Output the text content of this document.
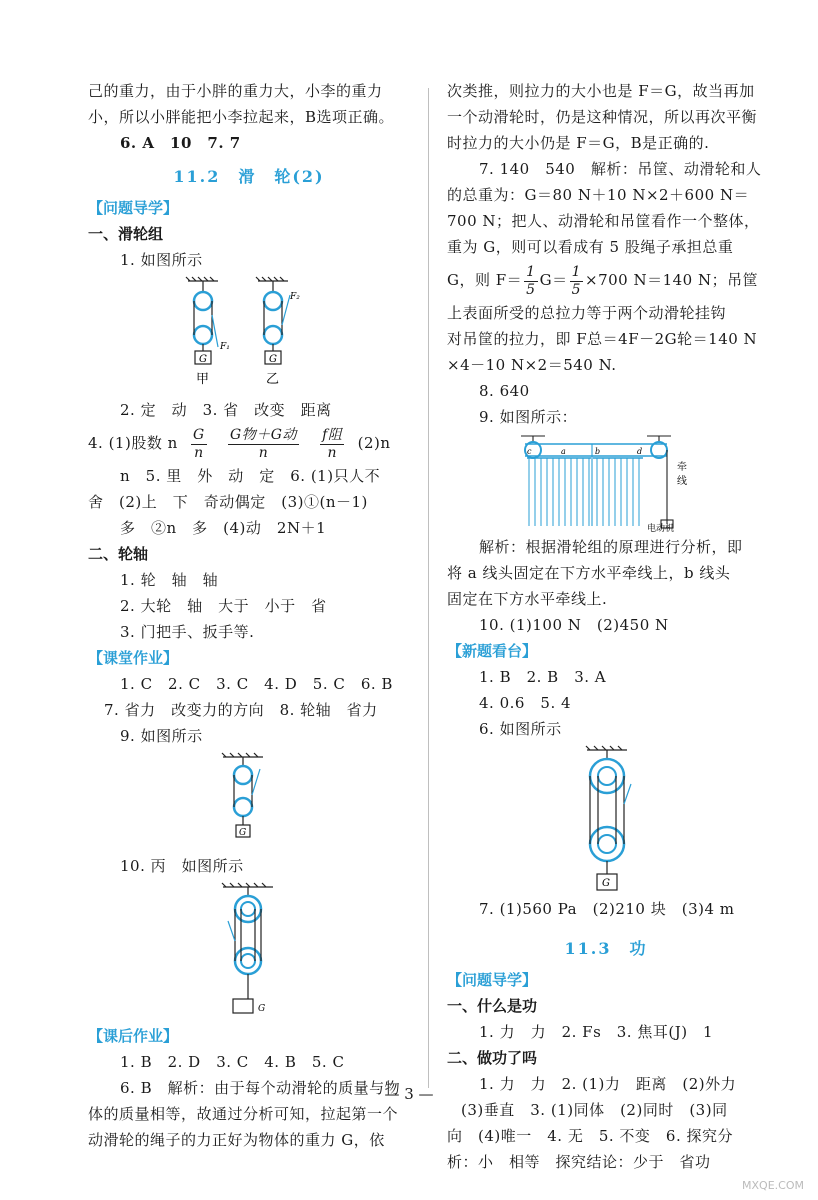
己的重力，由于小胖的重力大，小李的重力
小，所以小胖能把小李拉起来，B选项正确。
6. A　10　7. 7
11.2　滑　轮(2)
【问题导学】
一、滑轮组
1. 如图所示
F₁
F₂
G	G
甲	乙
2. 定　动　3. 省　改变　距离
4. (1)股数 n $\frac{G}{n}$
$\frac{\text{G物＋G动}}{n}$
$\frac{\text{f阻}}{n} (2)n$
n　5. 里　外　动　定　6. (1)只人不
舍　(2)上　下　奇动偶定　(3)①(n－1)
多　②n　多　(4)动　2N＋1
二、轮轴
1. 轮　轴　轴
2. 大轮　轴　大于　小于　省
3. 门把手、扳手等.
【课堂作业】
1. C　2. C　3. C　4. D　5. C　6. B
7. 省力　改变力的方向　8. 轮轴　省力
9. 如图所示
G
10. 丙　如图所示
G
【课后作业】
1. B　2. D　3. C　4. B　5. C
6. B　解析：由于每个动滑轮的质量与物
体的质量相等，故通过分析可知，拉起第一个
动滑轮的绳子的力正好为物体的重力 G，依
次类推，则拉力的大小也是 F＝G，故当再加
一个动滑轮时，仍是这种情况，所以再次平衡
时拉力的大小仍是 F＝G，B是正确的.
7. 140　540　解析：吊筐、动滑轮和人
的总重为：G＝80 N＋10 N×2＋600 N＝
700 N；把人、动滑轮和吊筐看作一个整体，
重为 G，则可以看成有 5 股绳子承担总重
G，则 $F= \frac{1}{5} G= \frac{1}{5} \times 700$ N＝140 N；吊筐
上表面所受的总拉力等于两个动滑轮挂钩
对吊筐的拉力，即 F总＝4F－2G轮＝140 N
×4－10 N×2＝540 N.
8. 640
9. 如图所示：
c	a	b	d
牵
线
电动机
解析：根据滑轮组的原理进行分析，即
将 a 线头固定在下方水平牵线上，b 线头
固定在下方水平牵线上.
10. (1)100 N　(2)450 N
【新题看台】
1. B　2. B　3. A
4. 0.6　5. 4
6. 如图所示
G
7. (1)560 Pa　(2)210 块　(3)4 m
11.3　功
【问题导学】
一、什么是功
1. 力　力　2. Fs　3. 焦耳(J)　1
二、做功了吗
1. 力　力　2. (1)力　距离　(2)外力
(3)垂直　3. (1)同体　(2)同时　(3)同
向　(4)唯一　4. 无　5. 不变　6. 探究分
析：小　相等　探究结论：少于　省功
— 3 —
MXQE.COM
